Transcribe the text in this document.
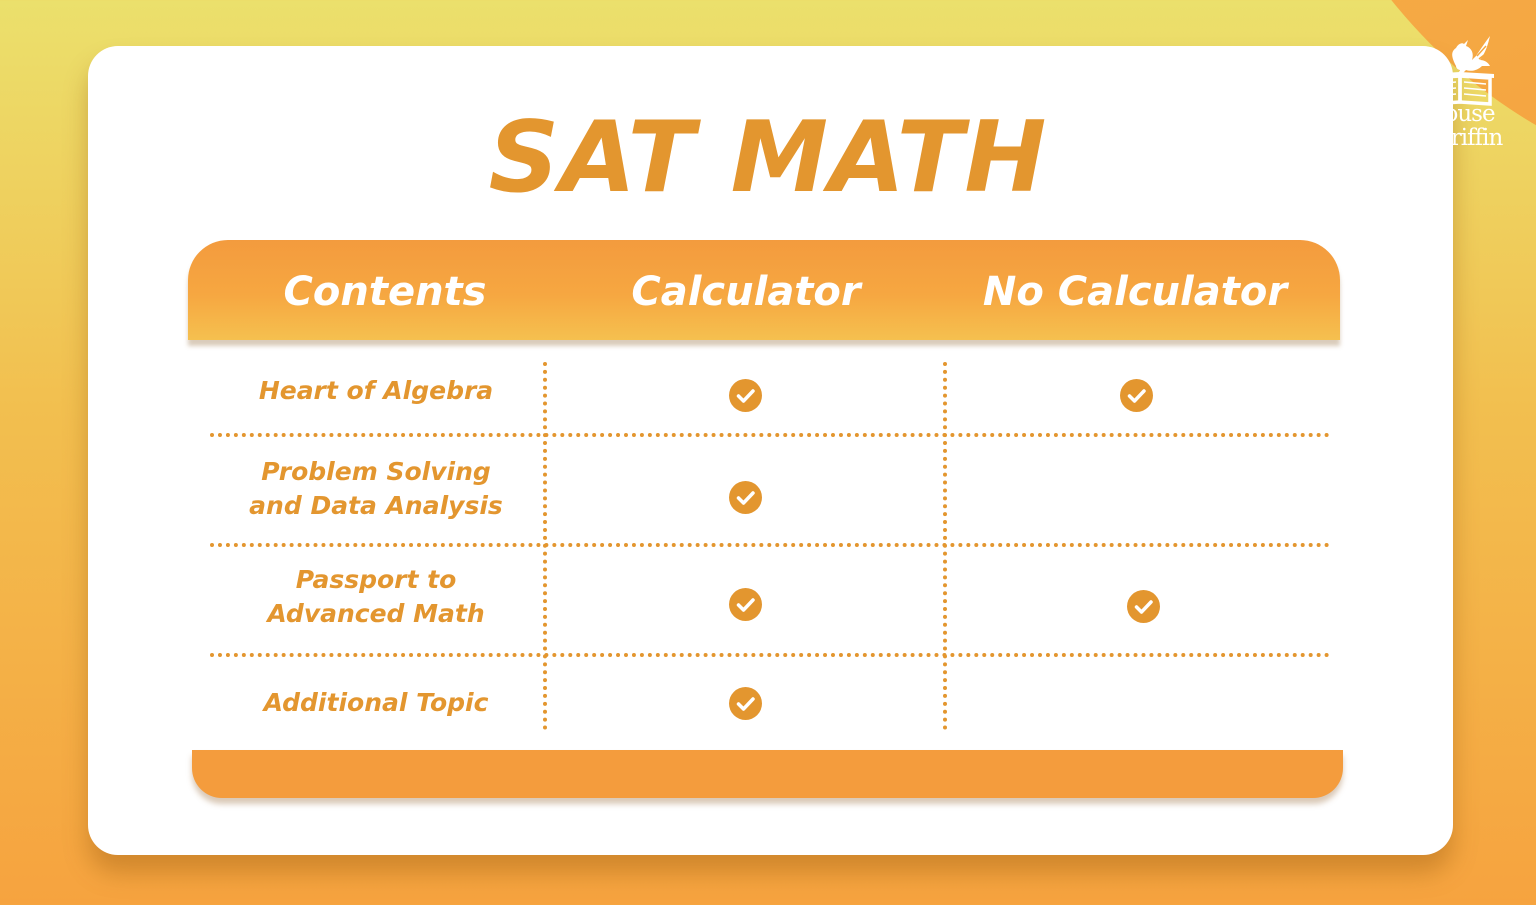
House
ofGriffin
SAT MATH
Contents	Calculator	No Calculator
Heart of Algebra
Problem Solving
and Data Analysis
Passport to
Advanced Math
Additional Topic
